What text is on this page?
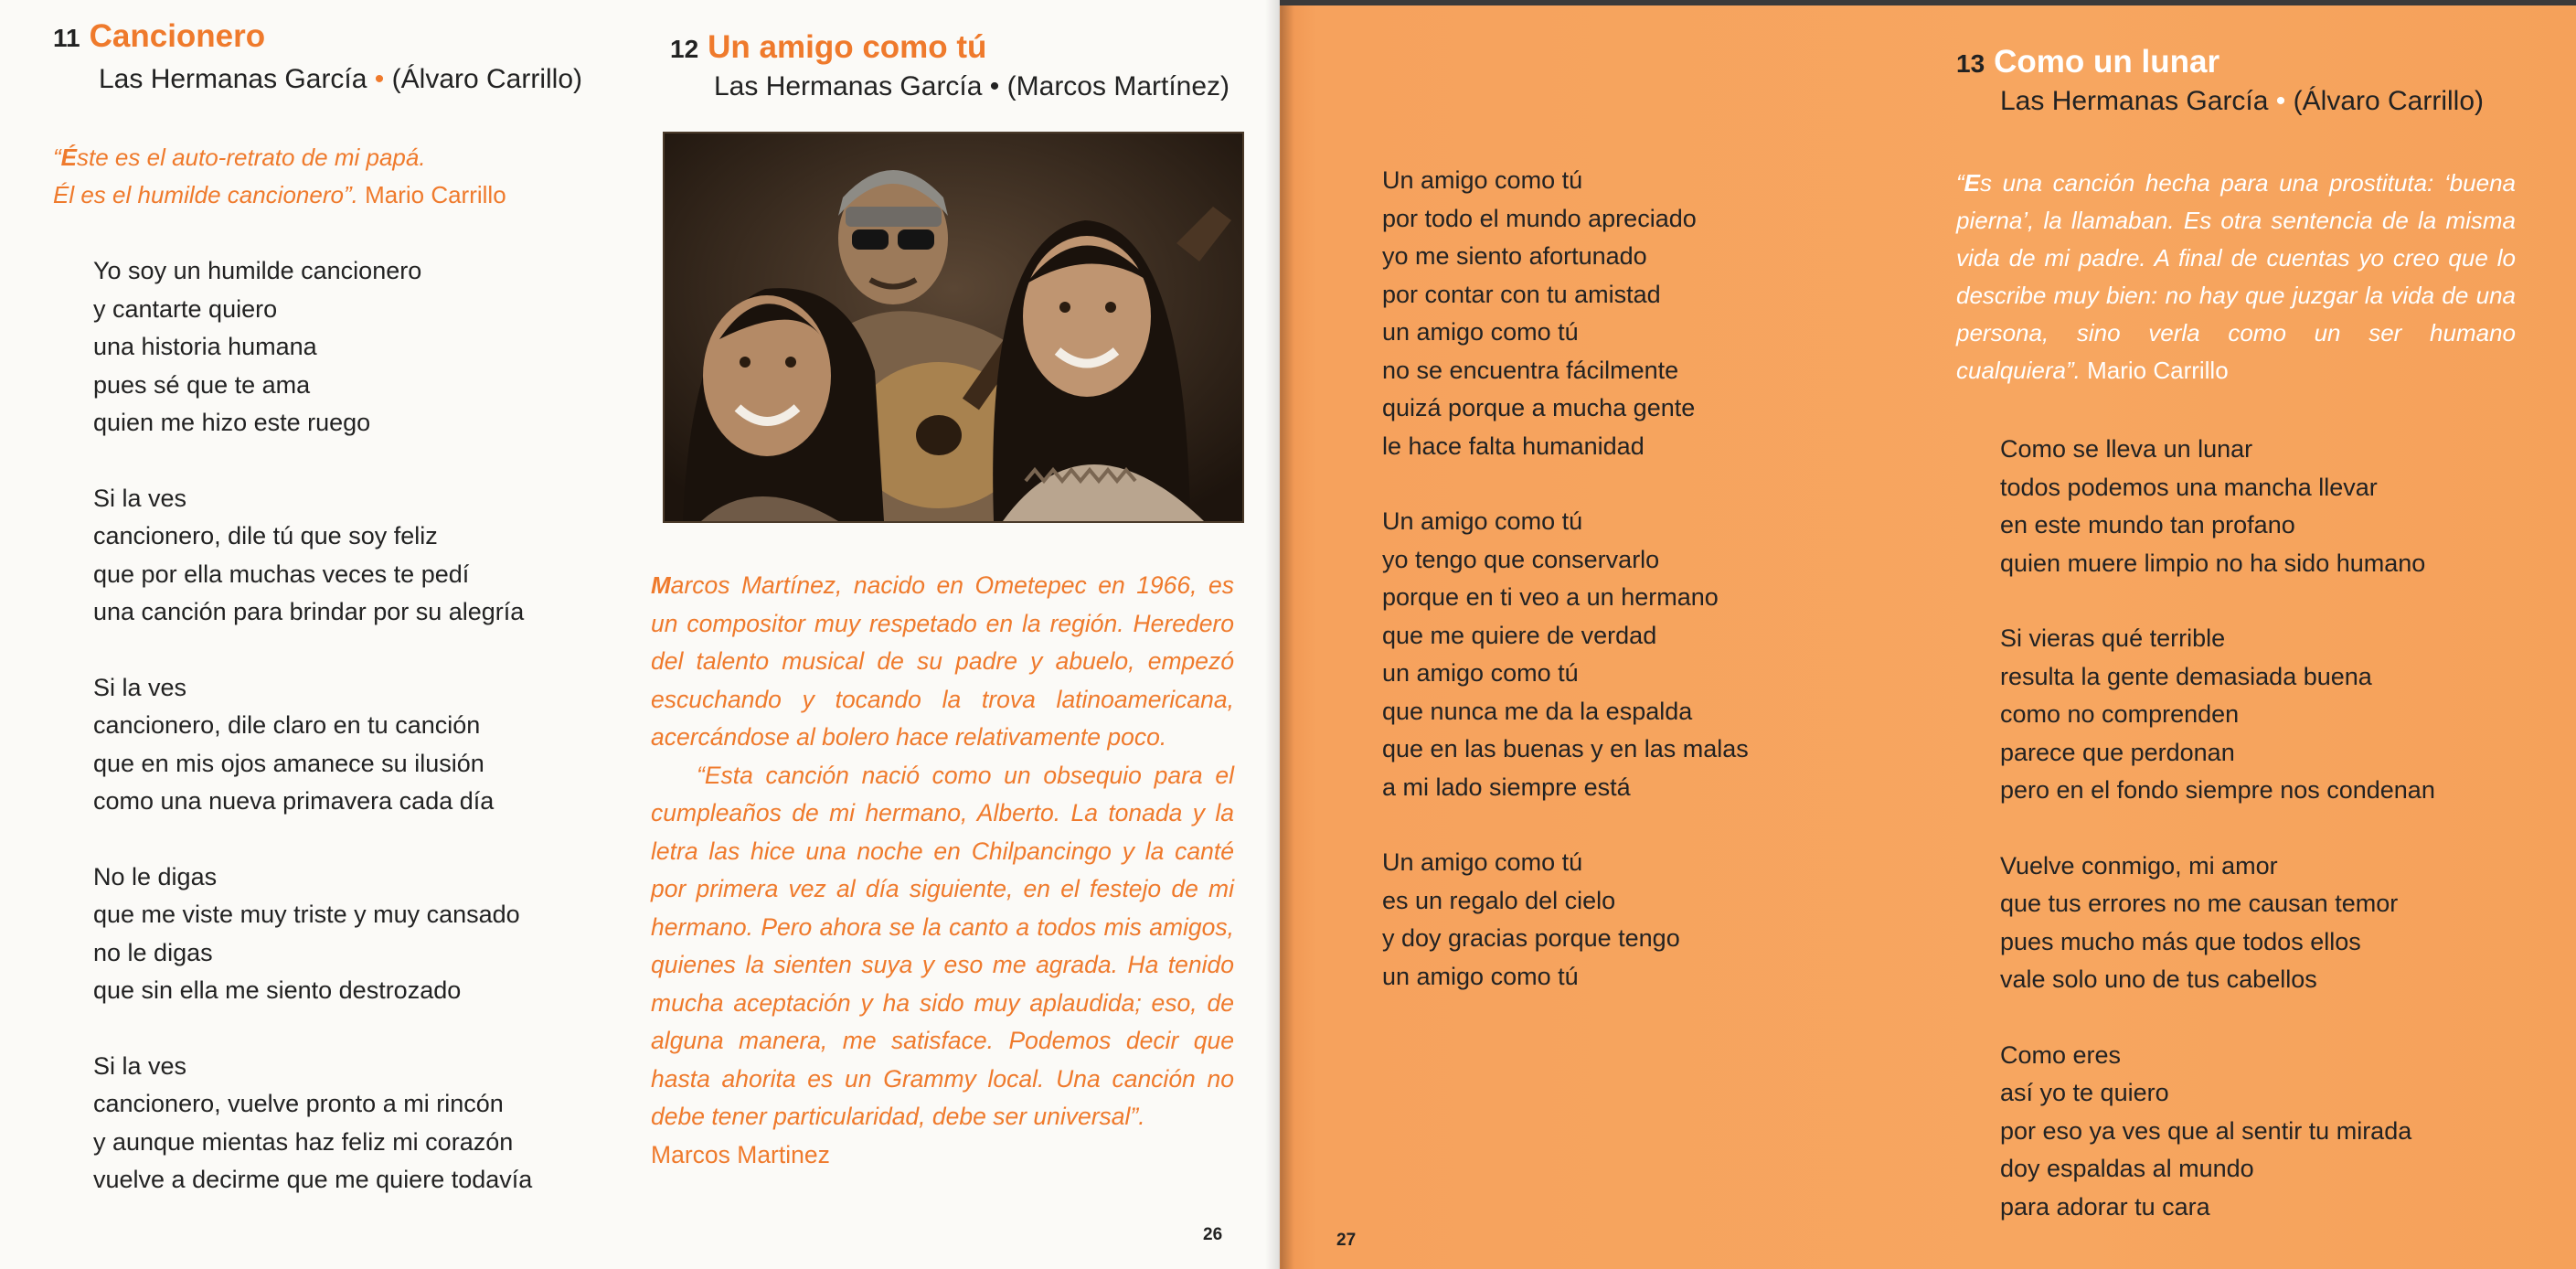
11 Cancionero
Las Hermanas García • (Álvaro Carrillo)
“Éste es el auto-retrato de mi papá.
Él es el humilde cancionero”. Mario Carrillo
Yo soy un humilde cancionero
y cantarte quiero
una historia humana
pues sé que te ama
quien me hizo este ruego
Si la ves
cancionero, dile tú que soy feliz
que por ella muchas veces te pedí
una canción para brindar por su alegría
Si la ves
cancionero, dile claro en tu canción
que en mis ojos amanece su ilusión
como una nueva primavera cada día
No le digas
que me viste muy triste y muy cansado
no le digas
que sin ella me siento destrozado
Si la ves
cancionero, vuelve pronto a mi rincón
y aunque mientas haz feliz mi corazón
vuelve a decirme que me quiere todavía
12 Un amigo como tú
Las Hermanas García • (Marcos Martínez)

Marcos Martínez, nacido en Ometepec en 1966, es un compositor muy respetado en la región. Heredero del talento musical de su padre y abuelo, empezó escuchando y tocando la trova latinoamericana, acercándose al bolero hace relativamente poco.

“Esta canción nació como un obsequio para el cumpleaños de mi hermano, Alberto. La tonada y la letra las hice una noche en Chilpancingo y la canté por primera vez al día siguiente, en el festejo de mi hermano. Pero ahora se la canto a todos mis amigos, quienes la sienten suya y eso me agrada. Ha tenido mucha aceptación y ha sido muy aplaudida; eso, de alguna manera, me satisface. Podemos decir que hasta ahorita es un Grammy local. Una canción no debe tener particularidad, debe ser universal”.

Marcos Martinez

26
Un amigo como tú
por todo el mundo apreciado
yo me siento afortunado
por contar con tu amistad
un amigo como tú
no se encuentra fácilmente
quizá porque a mucha gente
le hace falta humanidad
Un amigo como tú
yo tengo que conservarlo
porque en ti veo a un hermano
que me quiere de verdad
un amigo como tú
que nunca me da la espalda
que en las buenas y en las malas
a mi lado siempre está
Un amigo como tú
es un regalo del cielo
y doy gracias porque tengo
un amigo como tú
13 Como un lunar
Las Hermanas García • (Álvaro Carrillo)
“Es una canción hecha para una prostituta: ‘buena pierna’, la llamaban. Es otra sentencia de la misma vida de mi padre. A final de cuentas yo creo que lo describe muy bien: no hay que juzgar la vida de una persona, sino verla como un ser humano cualquiera”. Mario Carrillo
Como se lleva un lunar
todos podemos una mancha llevar
en este mundo tan profano
quien muere limpio no ha sido humano
Si vieras qué terrible
resulta la gente demasiada buena
como no comprenden
parece que perdonan
pero en el fondo siempre nos condenan
Vuelve conmigo, mi amor
que tus errores no me causan temor
pues mucho más que todos ellos
vale solo uno de tus cabellos
Como eres
así yo te quiero
por eso ya ves que al sentir tu mirada
doy espaldas al mundo
para adorar tu cara
27
